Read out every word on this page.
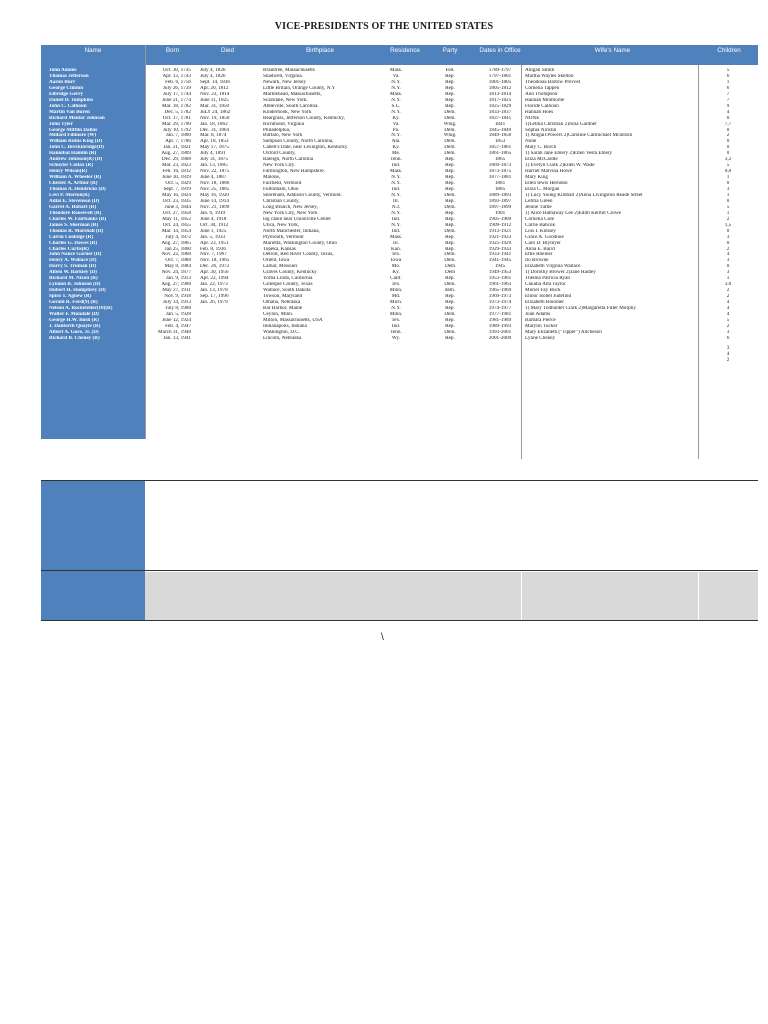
VICE-PRESIDENTS OF THE UNITED STATES
Name	Born	Died	Birthplace	Residence	Party	Dates in Office	Wife's Name	Children
John Adams	Oct. 30, 1735 July 4, 1826	Braintree, Massachusetts	Mass.	Fed.	1789-1797	Abigail Smith	5
Thomas Jefferson	Apr. 13, 1743 July 4, 1826	Shadwell, Virginia.	Va.	Rep.	1797-1801	Martha Wayles Skelton	6
Aaron Burr	Feb. 6, 1756 Sept. 14, 1836	Newark, New Jersey	N.Y.	Rep.	1801-1805	Theodosia Bartow Prevost	1
George Clinton	July 26, 1739 Apr. 20, 1812	Little Britain, Orange County, N.Y	N.Y.	Rep.	1805-1812	Cornelia Tappen	6
Elbridge Gerry	July 17, 1744 Nov. 23, 1814	Marblehead, Massachusetts,	Mass.	Rep.	1813-1814	Ann Thompson	7
Daniel D. Tompkins	June 21, 1774 June 11, 1825	Scarsdale, New York.	N.Y.	Rep.	1817-1825	Hannah Minthorne	7
John C. Calhoun	Mar. 18, 1782 Mar. 31, 1850	Abbeville, South Carolina.	S.C.	Rep.	1825-1829	Floride Calhoun	9
Martin Van Buren	Dec. 5, 1782 JuLY 24, 1862	Kinderhook, New York	N.Y.	Dem.	1833-1837	Hannah Hoes	4
Richard Mentor Johnson	Oct. 17, 1781 Nov. 19, 1850	Beargrass, Jefferson County, Kentucky,	Ky.	Dem.	1837-1841	NONE	0
John Tyler	Mar. 29, 1790 Jan. 18, 1862	Richmond, Virginia	Va.	Whig.	1841	1)Letitia Christian 2)Julia Gardner	7,7
George Mifflin Dallas	July 10, 1792 Dec. 31, 1864	Philadelphia,	Pa.	Dem.	1845-1849	Sophia Nicklin	0
Millard Fillmore (W)	Jan. 7, 1800 Mar. 8, 1874	Buffalo, New York	N.Y.	Whig.	1849-1850	1) Abigail Powers 2)Caroline Carmichael Mcintosh	2
William Rufus King (D)	Apr. 7, 1786 Apr. 18, 1853	Sampson County, North Carolina,	Ala.	Dem.	1853	None	0
John C. Breckinridge(D)	Jan. 21, 1821 May 17, 1875	Cabell's Dale, near Lexington, Kentucky	Ky.	Dem.	1857-1861	Mary C. Burch	0
Hannibal Hamlin (R)	Aug. 27, 1809 July 4, 1891	Oxford County,	Me.	Dem.	1861-1865	1) Sarah Jane Emery 2)Ellen Vesta Emery	0
Andrew Johnson(R) (D)	Dec. 29, 1808 July 31, 1875	Raleigh, North Carolina	Tenn.	Rep.	1865	Eliza McCardle	3,2
Schuyler Colfax (R)	Mar. 23, 1823 Jan. 13, 1885	New York City.	Ind.	Rep.	1869-1873	1) Evelyn Clark 2)Ellen W. Wade	5
Henry Wilson(R)	Feb. 16, 1812 Nov. 22, 1875	Farmington, New Hampshire.	Mass.	Rep.	1873-1875	Harriet Malvina Howe	0,0
William A. Wheeler (R)	June 30, 1819 June 4, 1887	Malone,	N.Y.	Rep.	1877-1881	Mary King	1
Chester A. Arthur (R)	Oct. 5, 1829 Nov. 18, 1886	Fairfield, Vermont	N.Y.	Rep.	1881	Ellen lewis Herndon	0
Thomas A. Hendricks (D)	Sept. 7, 1819 Nov. 25, 1885	Fultonham, Ohio	Ind.	Rep.	1885	Eliza C. Morgan	3
Levi P. Morton(R)	May 16, 1824 May 16, 1920	Shoreham, Addison County, Vermont.	N.Y.	Dem.	1889-1893	1) Lucy Young Kimball 2)Anna Livingston Reade Street	1
Adlai E. Stevenson (D)	Oct. 23, 1835 June 14, 1914	Christian County,	Ill.	Rep.	1893-1897	Letitia Green	0
Garret A. Hobart (R)	June 3, 1844 Nov. 21, 1899	Long Branch, New Jersey,	N.J.	Dem.	1897-1899	Jennie Tuttle	5
Theodore Roosevelt (R)	Oct. 27, 1858 Jan. 6, 1919	New York City, New York	N.Y.	Rep.	1901	1) Alice Hathaway Lee 2)Edith Kermit Crowe	1
Charles W. Fairbanks (R)	May 11, 1852 June 4, 1918	log cabin near Unionville Center	Ind.	Rep.	1905-1909	Cornelia Cole	2
James S. Sherman (R)	Oct. 24, 1855 Oct. 30, 1912	Utica, New York,	N.Y.	Rep.	1909-1912	Carrie Babcok	1,5
Thomas R. Marshall (D)	Mar. 14, 1854 June 1, 1925	North Manchester, Indiana,	Ind.	Dem.	1913-1921	Lois I. Kimsey	0
Calvin Coolidge (R)	July 4, 1872 Jan. 5, 1933	Plymouth, Vermont	Mass.	Rep.	1921-1923	Grace A. Goodhue	3
Charles G. Dawes (R)	Aug. 27, 1865 Apr. 23, 1951	Marietta, Washington County, Ohio	Ill.	Rep.	1925-1929	Caro D. Blymyer	0
Charles Curtis(R)	Jan 25, 1860 Feb. 8, 1936	Topeka, Kansas	Kan.	Rep.	1929-1933	Anna E. Baird	2
John Nance Garner (D)	Nov. 22, 1868 Nov. 7, 1967	Detroit, Red River County, Texas,	Tex.	Dem.	1933-1941	Ettie Rheiner	4
Henry A. Wallace (D)	Oct. 7, 1888 Nov. 18, 1965	Orient, Iowa	Iowa	Dem.	1941-1945	Ilo Browne	3
Harry S. Truman (D)	May 8, 1884 Dec. 26, 1972	Lamar, Missouri	Mo.	Dem	1945	Elizabeth Virginia Wallace	0
Alben W. Barkley (D)	Nov. 24, 1877 Apr. 30, 1956	Graves County, Kentucky	Ky.	Dem	1949-1953	1) Dorothy Brower 2)Jane Hadley	3
Richard M. Nixon (R)	Jan. 9, 1913 Apr. 22, 1994	Yorba Linda, California	Calif.	Rep.	1953-1961	Thelma Patricia Ryan	1
Lyndon B. Johnson (D)	Aug. 27, 1908 Jan. 22, 1973	Gillespie County, Texas	Tex.	Dem.	1961-1963	Claudia Alta Taylor	3.0
Hubert H. Humphrey (D)	May 27, 1911 Jan. 13, 1978	Wallace, South Dakota	Minn.	dem.	1965-1969	Muriel Fay Buck	2
Spiro T. Agnew (R)	Nov. 9, 1918 Sep. 17, 1996	Towson, Maryland	Md.	Rep.	1969-1973	Elinor Isobel Judefind	2
Gerald R. Ford(9) (R)	July 14, 1913 Jan. 26, 1979	Omaha, Nebraska	Mich.	Rep.	1973-1974	Elizabeth Bloomer	4
Nelson A. Rockefeller(10)(R)	July 8, 1908	Bar Harbor, Maine	N.Y.	Rep.	1974-1977	1) Mary Todhunter Clark 2)Margaretta Fitler Murphy	4
Walter F. Mondale (D)	Jan. 5, 1928	Ceylon, Minn.	Minn.	Dem.	1977-1981	Joan Adams	4
George H.W. Bush (R)	June 12, 1924	Milton, Massachusetts, USA	Tex.	Rep.	1981-1989	Barbara Pierce	5
J. Danforth Quayle (R)	Feb. 4, 1947	Indianapolis, Indiana	Ind.	Rep.	1989-1993	Marylin Tucker	2
Albert A. Gore, Jr. (D)	March 31, 1948	Washington, D.C.	Tenn.	Dem.	1993-2001	Mary Elizabeth ("Tipper") Aitcheson	3
Richard B. Cheney (R)	Jan. 13, 1941	Lincoln, Nebraska	Wy.	Rep.	2001-2009	Lynne Cheney	6
3
4
2
\
